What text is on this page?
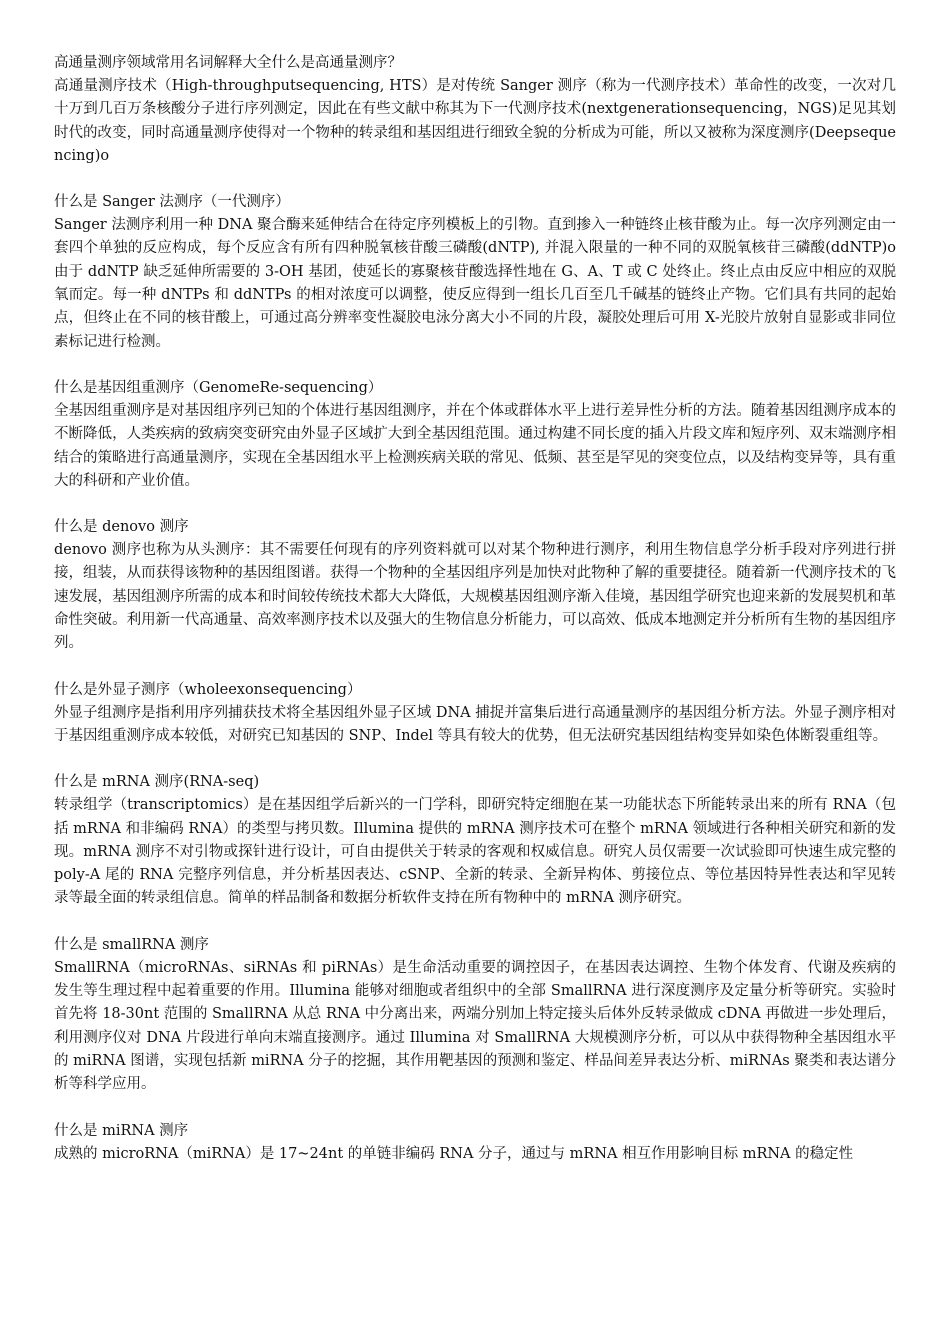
高通量测序领域常用名词解释大全什么是高通量测序？

高通量测序技术（High-throughputsequencing, HTS）是对传统 Sanger 测序（称为一代测序技术）革命性的改变，一次对几十万到几百万条核酸分子进行序列测定，因此在有些文献中称其为下一代测序技术(nextgenerationsequencing，NGS)足见其划时代的改变，同时高通量测序使得对一个物种的转录组和基因组进行细致全貌的分析成为可能，所以又被称为深度测序(Deepsequencing)o

什么是 Sanger 法测序（一代测序）

Sanger 法测序利用一种 DNA 聚合酶来延伸结合在待定序列模板上的引物。直到掺入一种链终止核苷酸为止。每一次序列测定由一套四个单独的反应构成，每个反应含有所有四种脱氧核苷酸三磷酸(dNTP), 并混入限量的一种不同的双脱氧核苷三磷酸(ddNTP)o 由于 ddNTP 缺乏延伸所需要的 3-OH 基团，使延长的寡聚核苷酸选择性地在 G、A、T 或 C 处终止。终止点由反应中相应的双脱氧而定。每一种 dNTPs 和 ddNTPs 的相对浓度可以调整，使反应得到一组长几百至几千碱基的链终止产物。它们具有共同的起始点，但终止在不同的核苷酸上，可通过高分辨率变性凝胶电泳分离大小不同的片段，凝胶处理后可用 X-光胶片放射自显影或非同位素标记进行检测。

什么是基因组重测序（GenomeRe-sequencing）

全基因组重测序是对基因组序列已知的个体进行基因组测序，并在个体或群体水平上进行差异性分析的方法。随着基因组测序成本的不断降低，人类疾病的致病突变研究由外显子区域扩大到全基因组范围。通过构建不同长度的插入片段文库和短序列、双末端测序相结合的策略进行高通量测序，实现在全基因组水平上检测疾病关联的常见、低频、甚至是罕见的突变位点，以及结构变异等，具有重大的科研和产业价值。

什么是 denovo 测序

denovo 测序也称为从头测序：其不需要任何现有的序列资料就可以对某个物种进行测序，利用生物信息学分析手段对序列进行拼接，组装，从而获得该物种的基因组图谱。获得一个物种的全基因组序列是加快对此物种了解的重要捷径。随着新一代测序技术的飞速发展，基因组测序所需的成本和时间较传统技术都大大降低，大规模基因组测序渐入佳境，基因组学研究也迎来新的发展契机和革命性突破。利用新一代高通量、高效率测序技术以及强大的生物信息分析能力，可以高效、低成本地测定并分析所有生物的基因组序列。

什么是外显子测序（wholeexonsequencing）

外显子组测序是指利用序列捕获技术将全基因组外显子区域 DNA 捕捉并富集后进行高通量测序的基因组分析方法。外显子测序相对于基因组重测序成本较低，对研究已知基因的 SNP、Indel 等具有较大的优势，但无法研究基因组结构变异如染色体断裂重组等。

什么是 mRNA 测序(RNA-seq)

转录组学（transcriptomics）是在基因组学后新兴的一门学科，即研究特定细胞在某一功能状态下所能转录出来的所有 RNA（包括 mRNA 和非编码 RNA）的类型与拷贝数。Illumina 提供的 mRNA 测序技术可在整个 mRNA 领域进行各种相关研究和新的发现。mRNA 测序不对引物或探针进行设计，可自由提供关于转录的客观和权威信息。研究人员仅需要一次试验即可快速生成完整的 poly-A 尾的 RNA 完整序列信息，并分析基因表达、cSNP、全新的转录、全新异构体、剪接位点、等位基因特异性表达和罕见转录等最全面的转录组信息。简单的样品制备和数据分析软件支持在所有物种中的 mRNA 测序研究。

什么是 smallRNA 测序

SmallRNA（microRNAs、siRNAs 和 piRNAs）是生命活动重要的调控因子，在基因表达调控、生物个体发育、代谢及疾病的发生等生理过程中起着重要的作用。Illumina 能够对细胞或者组织中的全部 SmallRNA 进行深度测序及定量分析等研究。实验时首先将 18-30nt 范围的 SmallRNA 从总 RNA 中分离出来，两端分别加上特定接头后体外反转录做成 cDNA 再做进一步处理后，利用测序仪对 DNA 片段进行单向末端直接测序。通过 Illumina 对 SmallRNA 大规模测序分析，可以从中获得物种全基因组水平的 miRNA 图谱，实现包括新 miRNA 分子的挖掘，其作用靶基因的预测和鉴定、样品间差异表达分析、miRNAs 聚类和表达谱分析等科学应用。

什么是 miRNA 测序

成熟的 microRNA（miRNA）是 17~24nt 的单链非编码 RNA 分子，通过与 mRNA 相互作用影响目标 mRNA 的稳定性
